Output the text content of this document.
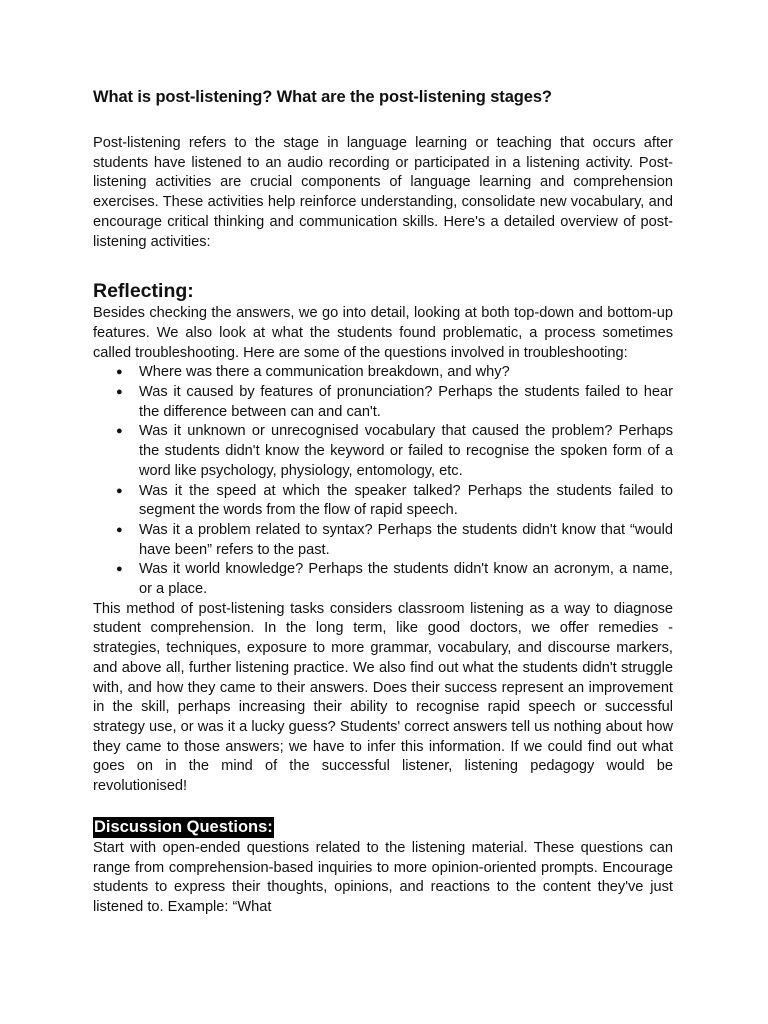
What is post-listening? What are the post-listening stages?

Post-listening refers to the stage in language learning or teaching that occurs after students have listened to an audio recording or participated in a listening activity. Post-listening activities are crucial components of language learning and comprehension exercises. These activities help reinforce understanding, consolidate new vocabulary, and encourage critical thinking and communication skills. Here's a detailed overview of post-listening activities:

Reflecting:

Besides checking the answers, we go into detail, looking at both top-down and bottom-up features. We also look at what the students found problematic, a process sometimes called troubleshooting. Here are some of the questions involved in troubleshooting:

● Where was there a communication breakdown, and why?
● Was it caused by features of pronunciation? Perhaps the students failed to hear the difference between can and can't.
● Was it unknown or unrecognised vocabulary that caused the problem? Perhaps the students didn't know the keyword or failed to recognise the spoken form of a word like psychology, physiology, entomology, etc.
● Was it the speed at which the speaker talked? Perhaps the students failed to segment the words from the flow of rapid speech.
● Was it a problem related to syntax? Perhaps the students didn't know that “would have been” refers to the past.
● Was it world knowledge? Perhaps the students didn't know an acronym, a name, or a place.

This method of post-listening tasks considers classroom listening as a way to diagnose student comprehension. In the long term, like good doctors, we offer remedies - strategies, techniques, exposure to more grammar, vocabulary, and discourse markers, and above all, further listening practice. We also find out what the students didn't struggle with, and how they came to their answers. Does their success represent an improvement in the skill, perhaps increasing their ability to recognise rapid speech or successful strategy use, or was it a lucky guess? Students' correct answers tell us nothing about how they came to those answers; we have to infer this information. If we could find out what goes on in the mind of the successful listener, listening pedagogy would be revolutionised!

Discussion Questions:

Start with open-ended questions related to the listening material. These questions can range from comprehension-based inquiries to more opinion-oriented prompts. Encourage students to express their thoughts, opinions, and reactions to the content they've just listened to. Example: “What
